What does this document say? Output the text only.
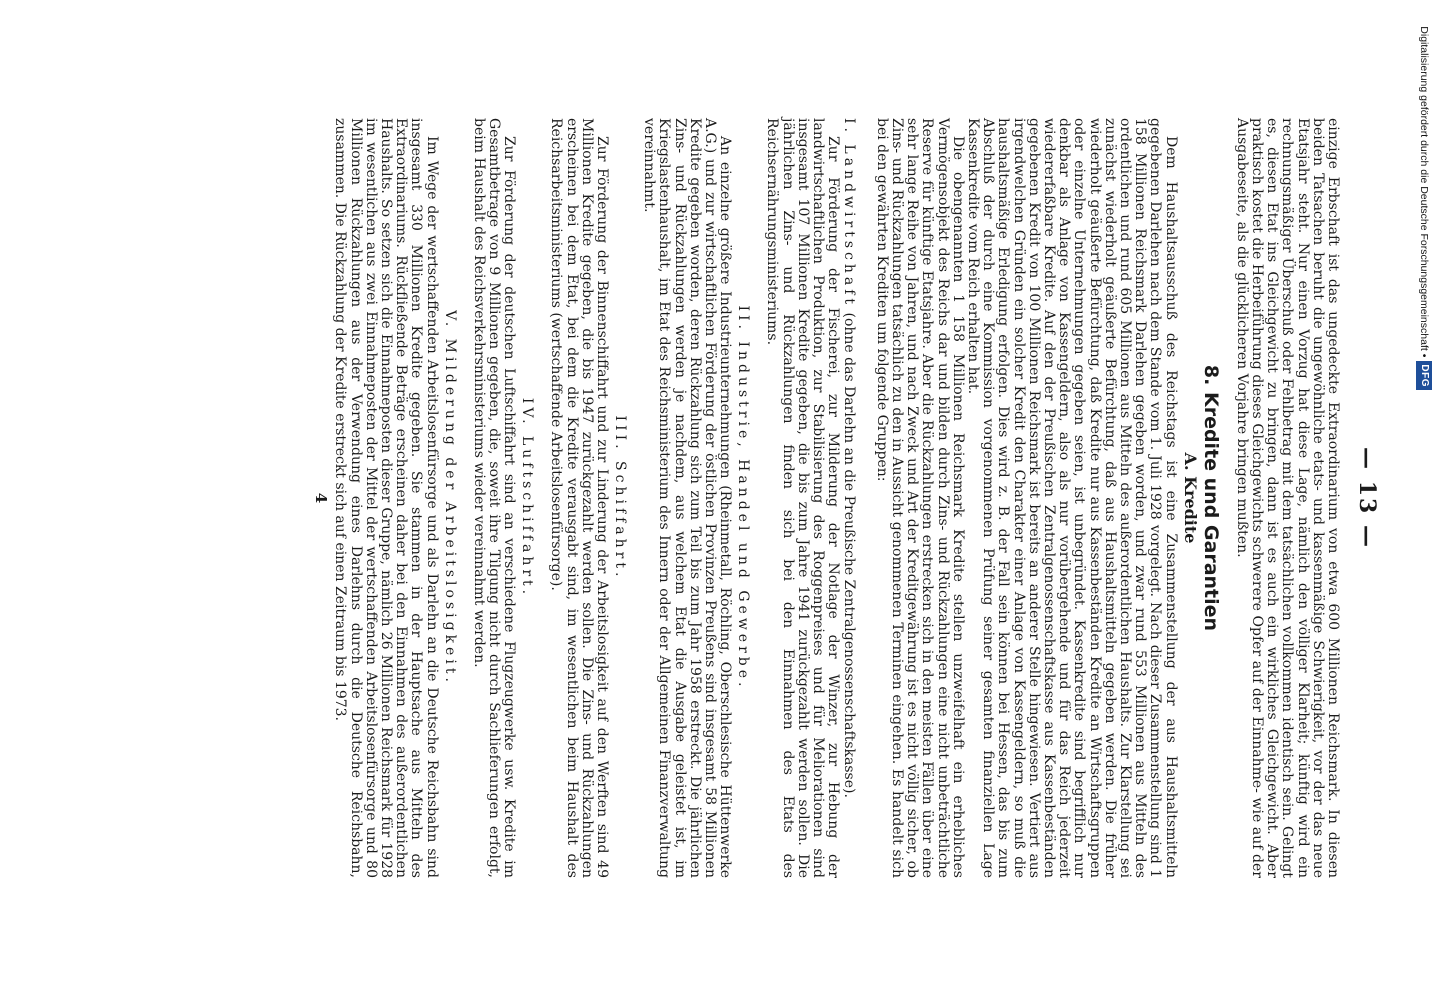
— 13 —

einzige Erbschaft ist das ungedeckte Extraordinarium von etwa 600 Millionen Reichsmark. In diesen beiden Tatsachen beruht die ungewöhnliche etats- und kassenmäßige Schwierigkeit, vor der das neue Etatsjahr steht. Nur einen Vorzug hat diese Lage, nämlich den völliger Klarheit; künftig wird ein rechnungsmäßiger Überschuß oder Fehlbetrag mit dem tatsächlichen vollkommen identisch sein. Gelingt es, diesen Etat ins Gleichgewicht zu bringen, dann ist es auch ein wirkliches Gleichgewicht. Aber praktisch kostet die Herbeiführung dieses Gleichgewichts schwerere Opfer auf der Einnahme- wie auf der Ausgabeseite, als die glücklicheren Vorjahre bringen mußten.

8. Kredite und Garantien
A. Kredite

Dem Haushaltsausschuß des Reichstags ist eine Zusammenstellung der aus Haushaltsmitteln gegebenen Darlehen nach dem Stande vom 1. Juli 1928 vorgelegt. Nach dieser Zusammenstellung sind 1 158 Millionen Reichsmark Darlehen gegeben worden, und zwar rund 553 Millionen aus Mitteln des ordentlichen und rund 605 Millionen aus Mitteln des außerordentlichen Haushalts. Zur Klarstellung sei zunächst wiederholt geäußerte Befürchtung, daß aus Haushaltsmitteln gegeben werden. Die früher wiederholt geäußerte Befürchtung, daß Kredite nur aus Kassenbeständen Kredite an Wirtschaftsgruppen oder einzelne Unternehmungen gegeben seien, ist unbegründet. Kassenkredite sind begrifflich nur denkbar als Anlage von Kassengeldern, also als nur vorübergehende und für das Reich jederzeit wiedererfaßbare Kredite. Auf den der Preußischen Zentralgenossenschaftskasse aus Kassenbeständen gegebenen Kredit von 100 Millionen Reichsmark ist bereits an anderer Stelle hingewiesen. Vertiert aus irgendwelchen Gründen ein solcher Kredit den Charakter einer Anlage von Kassengeldern, so muß die haushaltsmäßige Erledigung erfolgen. Dies wird z. B. der Fall sein können bei Hessen, das bis zum Abschluß der durch eine Kommission vorgenommenen Prüfung seiner gesamten finanziellen Lage Kassenkredite vom Reich erhalten hat.

Die obengenannten 1 158 Millionen Reichsmark Kredite stellen unzweifelhaft ein erhebliches Vermögensobjekt des Reichs dar und bilden durch Zins- und Rückzahlungen eine nicht unbeträchtliche Reserve für künftige Etatsjahre. Aber die Rückzahlungen erstrecken sich in den meisten Fällen über eine sehr lange Reihe von Jahren, und nach Zweck und Art der Kreditgewährung ist es nicht völlig sicher, ob Zins- und Rückzahlungen tatsächlich zu den in Aussicht genommenen Terminen eingehen. Es handelt sich bei den gewährten Krediten um folgende Gruppen:

I. Landwirtschaft (ohne das Darlehn an die Preußische Zentralgenossenschaftskasse).

Zur Förderung der Fischerei, zur Milderung der Notlage der Winzer, zur Hebung der landwirtschaftlichen Produktion, zur Stabilisierung des Roggenpreises und für Meliorationen sind insgesamt 107 Millionen Kredite gegeben, die bis zum Jahre 1941 zurückgezahlt werden sollen. Die jährlichen Zins- und Rückzahlungen finden sich bei den Einnahmen des Etats des Reichsernährungsministeriums.

II. Industrie, Handel und Gewerbe.

An einzelne größere Industrieunternehmungen (Rheinmetall, Röchling, Oberschlesische Hüttenwerke A.G.) und zur wirtschaftlichen Förderung der östlichen Provinzen Preußens sind insgesamt 58 Millionen Kredite gegeben worden, deren Rückzahlung sich zum Teil bis zum Jahr 1958 erstreckt. Die jährlichen Zins- und Rückzahlungen werden je nachdem, aus welchem Etat die Ausgabe geleistet ist, im Kriegslastenhaushalt, im Etat des Reichsministerium des Innern oder der Allgemeinen Finanzverwaltung vereinnahmt.

III. Schiffahrt.

Zur Förderung der Binnenschiffahrt und zur Linderung der Arbeitslosigkeit auf den Werften sind 49 Millionen Kredite gegeben, die bis 1947 zurückgezahlt werden sollen. Die Zins- und Rückzahlungen erscheinen bei dem Etat, bei dem die Kredite verausgabt sind, im wesentlichen beim Haushalt des Reichsarbeitsministeriums (wertschaffende Arbeitslosenfürsorge).

IV. Luftschiffahrt.

Zur Förderung der deutschen Luftschiffahrt sind an verschiedene Flugzeugwerke usw. Kredite im Gesamtbetrage von 9 Millionen gegeben, die, soweit ihre Tilgung nicht durch Sachlieferungen erfolgt, beim Haushalt des Reichsverkehrsministeriums wieder vereinnahmt werden.

V. Milderung der Arbeitslosigkeit.

Im Wege der wertschaffenden Arbeitslosenfürsorge und als Darlehn an die Deutsche Reichsbahn sind insgesamt 330 Millionen Kredite gegeben. Sie stammen in der Hauptsache aus Mitteln des Extraordinariums. Rückfließende Beträge erscheinen daher bei den Einnahmen des außerordentlichen Haushalts. So setzen sich die Einnahmeposten dieser Gruppe, nämlich 26 Millionen Reichsmark für 1928 im wesentlichen aus zwei Einnahmeposten der Mittel der wertschaffenden Arbeitslosenfürsorge und 80 Millionen Rückzahlungen aus der Verwendung eines Darlehns durch die Deutsche Reichsbahn, zusammen. Die Rückzahlung der Kredite erstreckt sich auf einen Zeitraum bis 1973.

4
DFG
Digitalisierung gefördert durch die Deutsche Forschungsgemeinschaft •
